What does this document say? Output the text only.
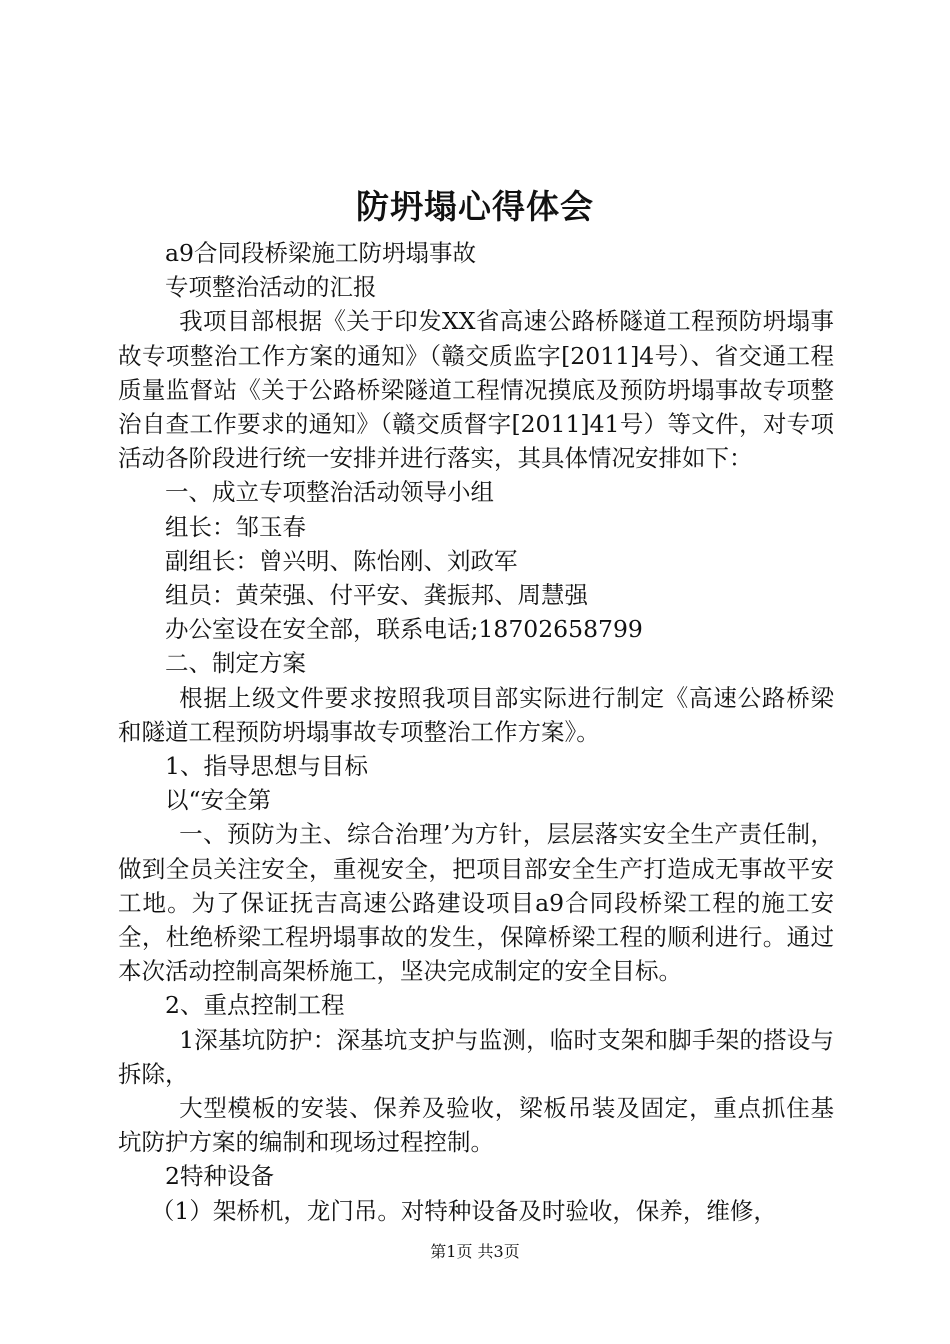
防坍塌心得体会

a9合同段桥梁施工防坍塌事故

专项整治活动的汇报

我项目部根据《关于印发XX省高速公路桥隧道工程预防坍塌事故专项整治工作方案的通知》（赣交质监字[2011]4号）、省交通工程质量监督站《关于公路桥梁隧道工程情况摸底及预防坍塌事故专项整治自查工作要求的通知》（赣交质督字[2011]41号）等文件，对专项活动各阶段进行统一安排并进行落实，其具体情况安排如下：

一、成立专项整治活动领导小组

组长：邹玉春

副组长：曾兴明、陈怡刚、刘政军

组员：黄荣强、付平安、龚振邦、周慧强

办公室设在安全部，联系电话;18702658799

二、制定方案

根据上级文件要求按照我项目部实际进行制定《高速公路桥梁和隧道工程预防坍塌事故专项整治工作方案》。

1、指导思想与目标

以“安全第

一、预防为主、综合治理’为方针，层层落实安全生产责任制，做到全员关注安全，重视安全，把项目部安全生产打造成无事故平安工地。为了保证抚吉高速公路建设项目a9合同段桥梁工程的施工安全，杜绝桥梁工程坍塌事故的发生，保障桥梁工程的顺利进行。通过本次活动控制高架桥施工，坚决完成制定的安全目标。

2、重点控制工程

1深基坑防护：深基坑支护与监测，临时支架和脚手架的搭设与拆除，

大型模板的安装、保养及验收，梁板吊装及固定，重点抓住基坑防护方案的编制和现场过程控制。

2特种设备

（1）架桥机，龙门吊。对特种设备及时验收，保养，维修，

第1页 共3页
